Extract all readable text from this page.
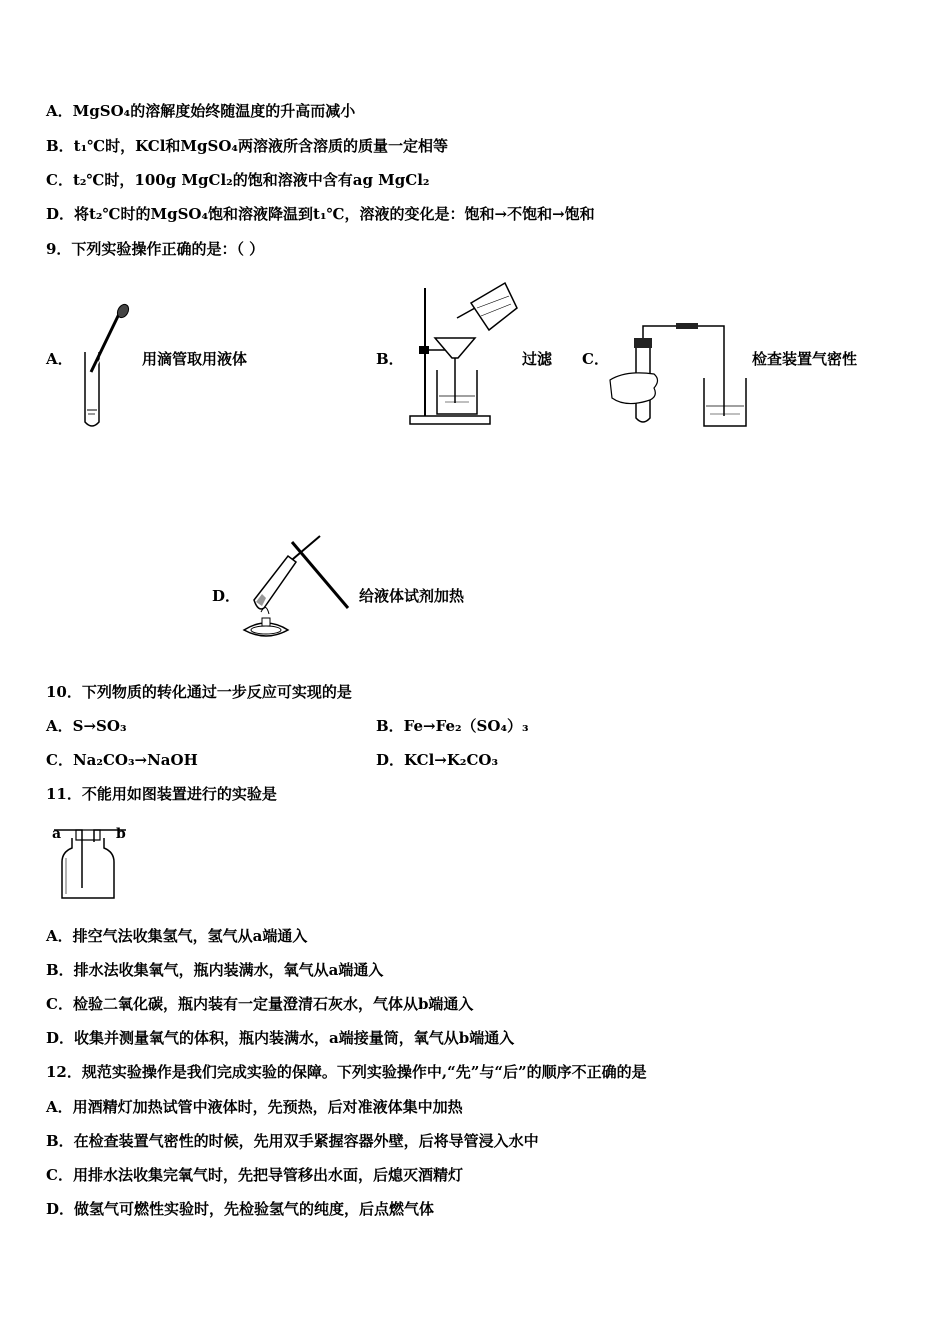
A．MgSO₄的溶解度始终随温度的升高而减小
B．t₁℃时，KCl和MgSO₄两溶液所含溶质的质量一定相等
C．t₂℃时，100g MgCl₂的饱和溶液中含有ag MgCl₂
D．将t₂℃时的MgSO₄饱和溶液降温到t₁℃，溶液的变化是：饱和→不饱和→饱和
9．下列实验操作正确的是：（ ）
A．	用滴管取用液体	B．	过滤 C．	检查装置气密性
D．	给液体试剂加热
10．下列物质的转化通过一步反应可实现的是
A．S→SO₃	B．Fe→Fe₂（SO₄）₃
C．Na₂CO₃→NaOH	D．KCl→K₂CO₃
11．不能用如图装置进行的实验是
a	b
A．排空气法收集氢气，氢气从a端通入
B．排水法收集氧气，瓶内装满水，氧气从a端通入
C．检验二氧化碳，瓶内装有一定量澄清石灰水，气体从b端通入
D．收集并测量氧气的体积，瓶内装满水，a端接量筒，氧气从b端通入
12．规范实验操作是我们完成实验的保障。下列实验操作中,“先”与“后”的顺序不正确的是
A．用酒精灯加热试管中液体时，先预热，后对准液体集中加热
B．在检查装置气密性的时候，先用双手紧握容器外壁，后将导管浸入水中
C．用排水法收集完氧气时，先把导管移出水面，后熄灭酒精灯
D．做氢气可燃性实验时，先检验氢气的纯度，后点燃气体
